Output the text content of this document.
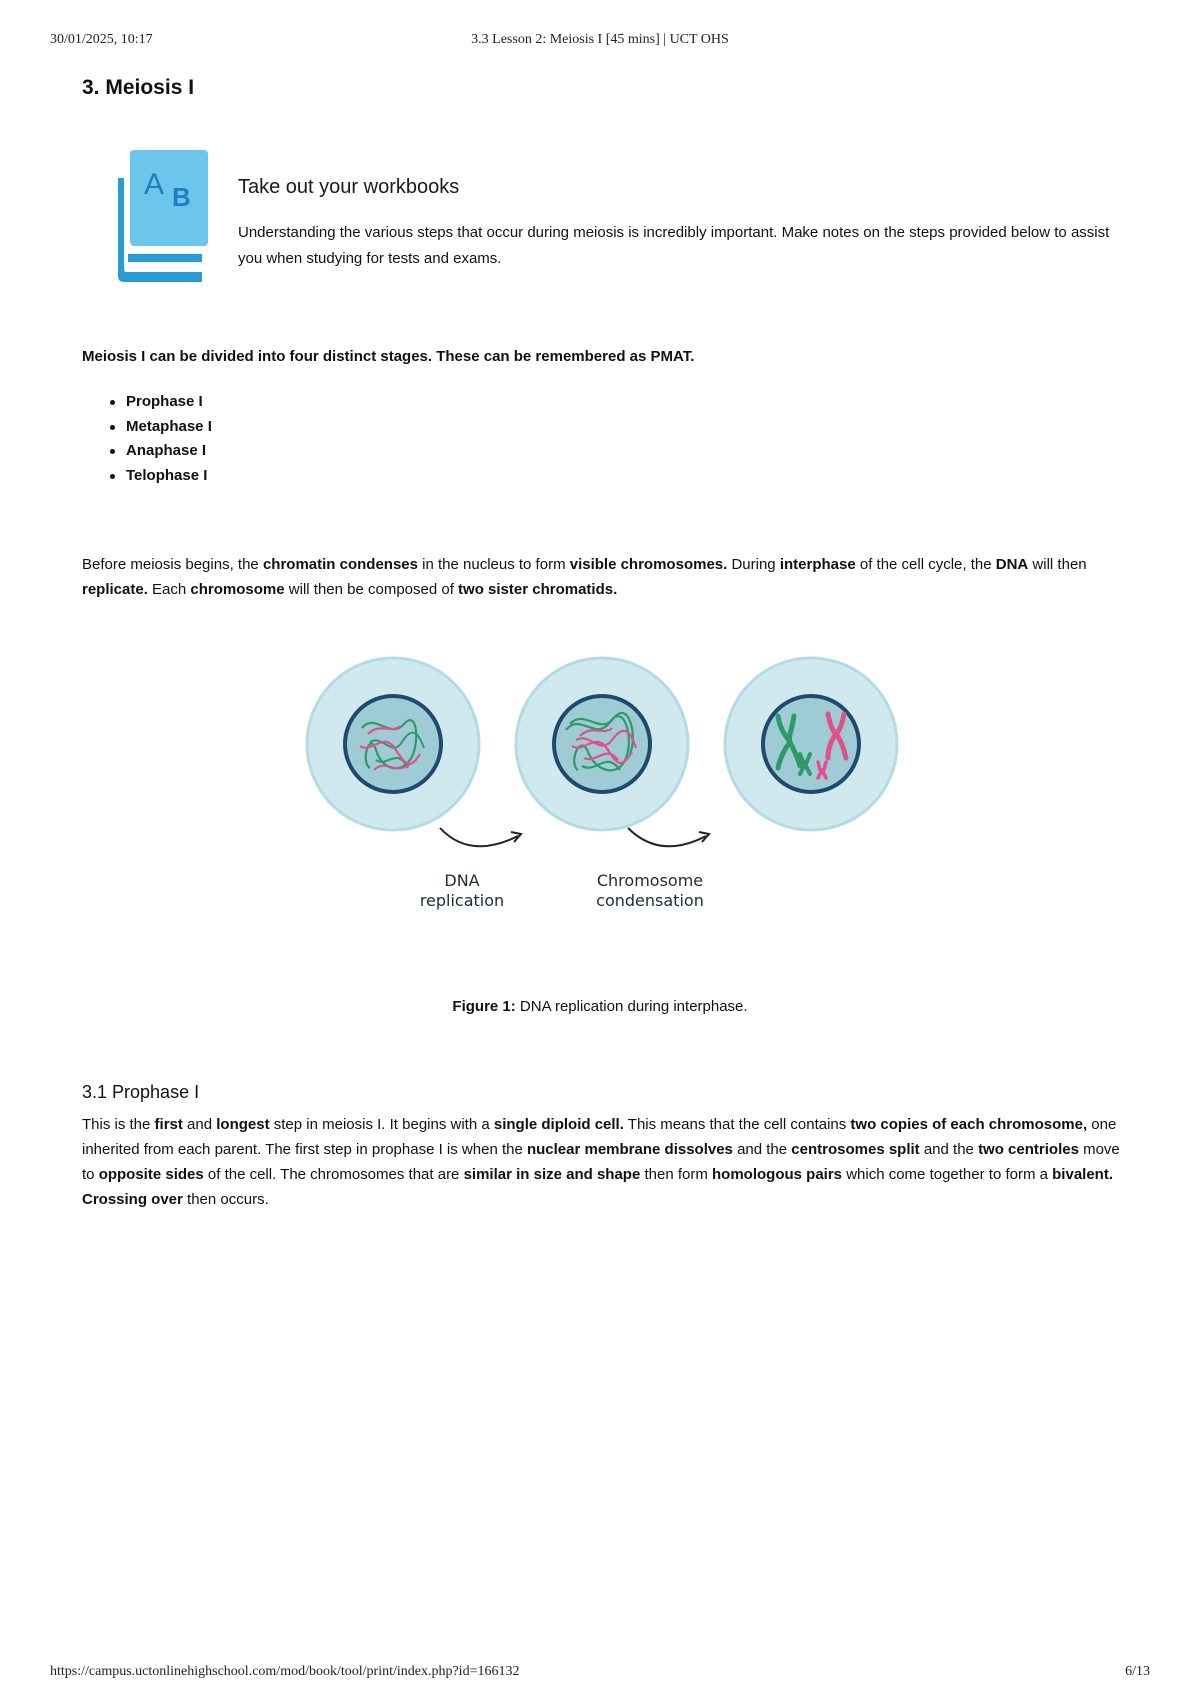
30/01/2025, 10:17	3.3 Lesson 2: Meiosis I [45 mins] | UCT OHS
3. Meiosis I
A B Take out your workbooks

Understanding the various steps that occur during meiosis is incredibly important. Make notes on the steps provided below to assist you when studying for tests and exams.

Meiosis I can be divided into four distinct stages. These can be remembered as PMAT.

Prophase I
Metaphase I
Anaphase I
Telophase I

Before meiosis begins, the chromatin condenses in the nucleus to form visible chromosomes. During interphase of the cell cycle, the DNA will then replicate. Each chromosome will then be composed of two sister chromatids.

DNA
replication
Chromosome
condensation

Figure 1: DNA replication during interphase.

3.1 Prophase I

This is the first and longest step in meiosis I. It begins with a single diploid cell. This means that the cell contains two copies of each chromosome, one inherited from each parent. The first step in prophase I is when the nuclear membrane dissolves and the centrosomes split and the two centrioles move to opposite sides of the cell. The chromosomes that are similar in size and shape then form homologous pairs which come together to form a bivalent. Crossing over then occurs.

https://campus.uctonlinehighschool.com/mod/book/tool/print/index.php?id=166132	6/13
